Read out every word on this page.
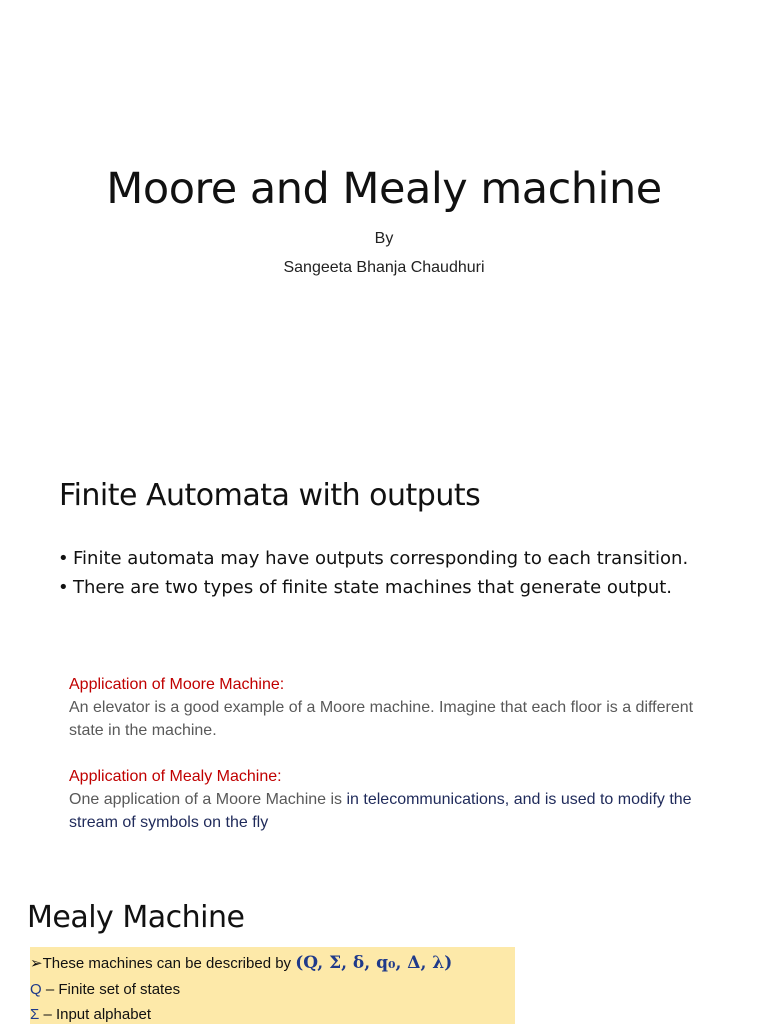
Moore and Mealy machine
By
Sangeeta Bhanja Chaudhuri
Finite Automata with outputs
• Finite automata may have outputs corresponding to each transition.
• There are two types of finite state machines that generate output.
Application of Moore Machine:
An elevator is a good example of a Moore machine. Imagine that each floor is a different state in the machine.
Application of Mealy Machine:
One application of a Moore Machine is in telecommunications, and is used to modify the stream of symbols on the fly
Mealy Machine
➢These machines can be described by (Q, Σ, δ, q₀, Δ, λ)
Q – Finite set of states
Σ – Input alphabet
